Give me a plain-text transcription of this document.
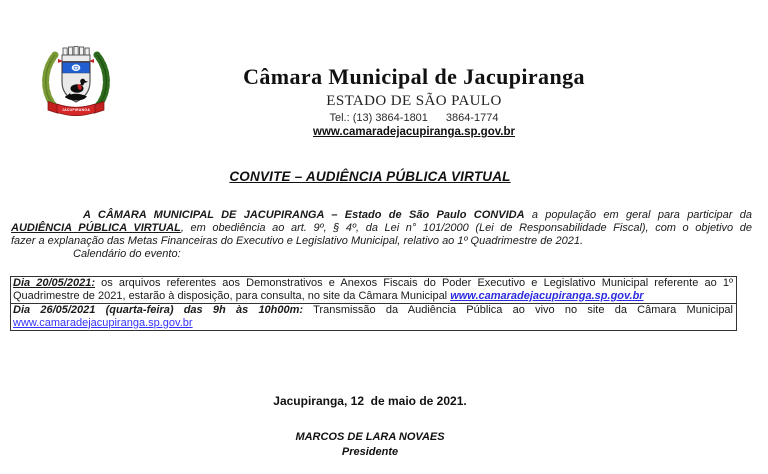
JACUPIRANGA
Câmara Municipal de Jacupiranga
ESTADO DE SÃO PAULO
Tel.: (13) 3864-1801 3864-1774
www.camaradejacupiranga.sp.gov.br
CONVITE – AUDIÊNCIA PÚBLICA VIRTUAL
A CÂMARA MUNICIPAL DE JACUPIRANGA – Estado de São Paulo CONVIDA a população em geral para participar da
AUDIÊNCIA PÚBLICA VIRTUAL, em obediência ao art. 9º, § 4º, da Lei n° 101/2000 (Lei de Responsabilidade Fiscal), com o objetivo de
fazer a explanação das Metas Financeiras do Executivo e Legislativo Municipal, relativo ao 1º Quadrimestre de 2021.
Calendário do evento:
Dia 20/05/2021: os arquivos referentes aos Demonstrativos e Anexos Fiscais do Poder Executivo e Legislativo Municipal referente ao 1º
Quadrimestre de 2021, estarão à disposição, para consulta, no site da Câmara Municipal www.camaradejacupiranga.sp.gov.br
Dia 26/05/2021 (quarta-feira) das 9h às 10h00m: Transmissão da Audiência Pública ao vivo no site da Câmara Municipal
www.camaradejacupiranga.sp.gov.br
Jacupiranga, 12  de maio de 2021.
MARCOS DE LARA NOVAES
Presidente
